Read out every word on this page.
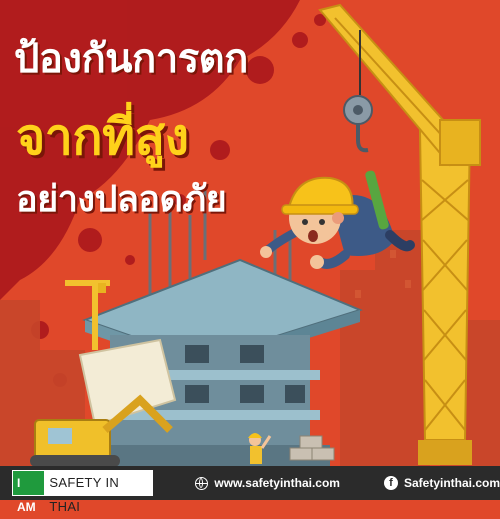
ป้องกันการตก
จากที่สูง
อย่างปลอดภัย
I AM
SAFETY IN THAI
www.safetyinthai.com	f Safetyinthai.com
